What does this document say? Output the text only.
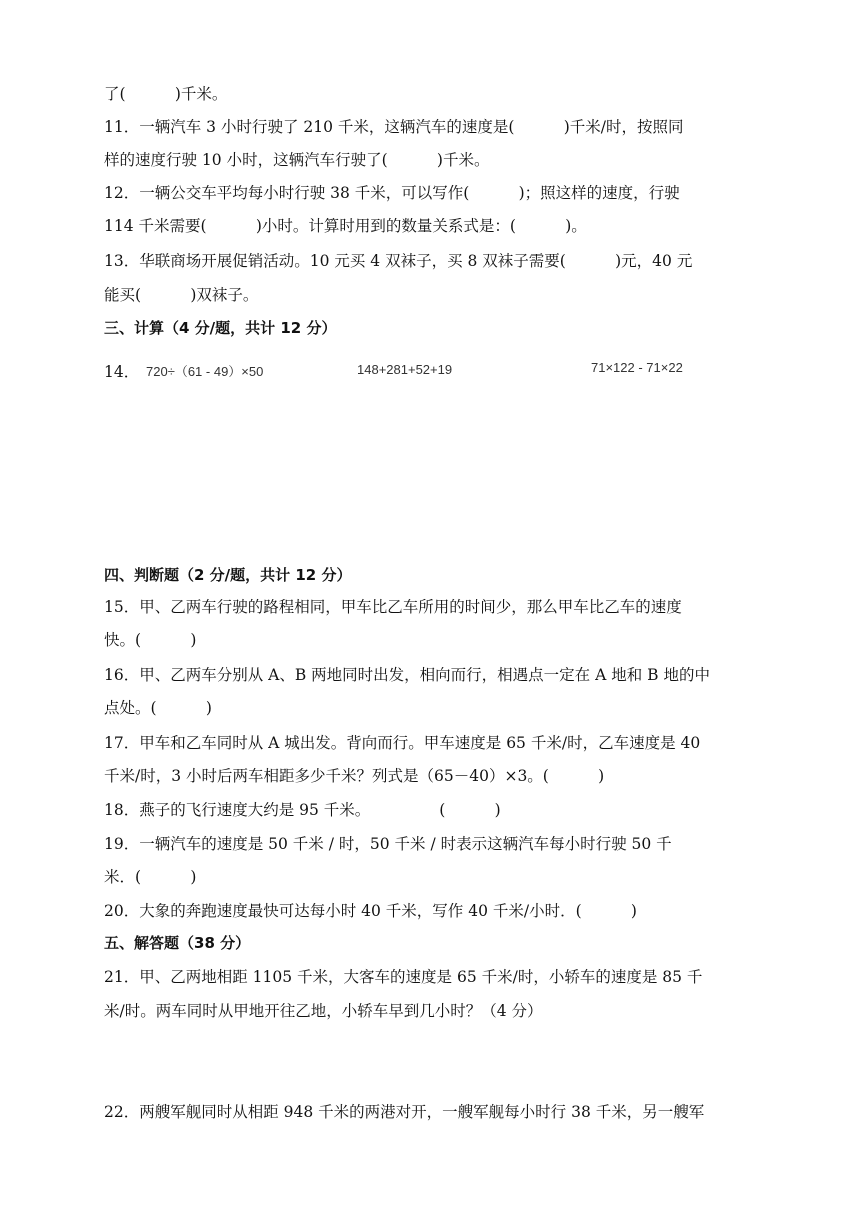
了(          )千米。
11．一辆汽车 3 小时行驶了 210 千米，这辆汽车的速度是(          )千米/时，按照同
样的速度行驶 10 小时，这辆汽车行驶了(          )千米。
12．一辆公交车平均每小时行驶 38 千米，可以写作(          )；照这样的速度，行驶
114 千米需要(          )小时。计算时用到的数量关系式是：(          )。
13．华联商场开展促销活动。10 元买 4 双袜子，买 8 双袜子需要(          )元，40 元
能买(          )双袜子。
三、计算（4 分/题，共计 12 分）
14． 720÷（61 - 49）×50	148+281+52+19	71×122 - 71×22
四、判断题（2 分/题，共计 12 分）
15．甲、乙两车行驶的路程相同，甲车比乙车所用的时间少，那么甲车比乙车的速度
快。(          )
16．甲、乙两车分别从 A、B 两地同时出发，相向而行，相遇点一定在 A 地和 B 地的中
点处。(          )
17．甲车和乙车同时从 A 城出发。背向而行。甲车速度是 65 千米/时，乙车速度是 40
千米/时，3 小时后两车相距多少千米？列式是（65－40）×3。(          )
18．燕子的飞行速度大约是 95 千米。              (          )
19．一辆汽车的速度是 50 千米 / 时，50 千米 / 时表示这辆汽车每小时行驶 50 千
米．(          )
20．大象的奔跑速度最快可达每小时 40 千米，写作 40 千米/小时．(          )
五、解答题（38 分）
21．甲、乙两地相距 1105 千米，大客车的速度是 65 千米/时，小轿车的速度是 85 千
米/时。两车同时从甲地开往乙地，小轿车早到几小时？（4 分）
22．两艘军舰同时从相距 948 千米的两港对开，一艘军舰每小时行 38 千米，另一艘军
